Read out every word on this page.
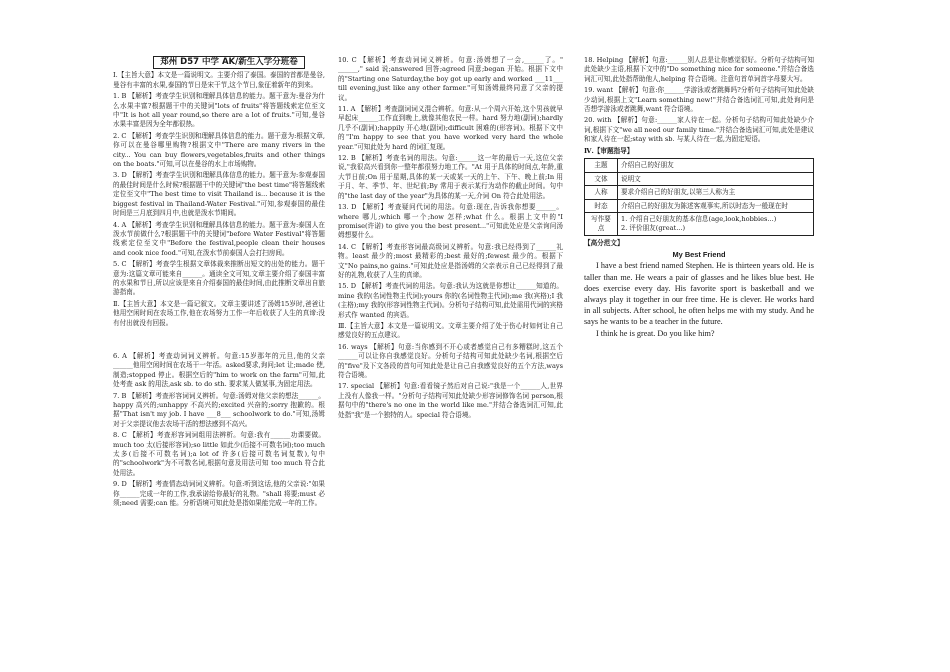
郑州 D57 中学 AK/新生入学分班卷

Ⅰ.【主旨大意】本文是一篇说明文。主要介绍了泰国。泰国的首都是曼谷,曼谷有丰富的水果,泰国的节日是宋干节,这个节日,象征着新年的到来。

1. B 【解析】考查学生识别和理解具体信息的能力。题干意为:曼谷为什么水果丰富?根据题干中的关键词"lots of fruits"将答题线索定位至文中"It is hot all year round,so there are a lot of fruits."可知,曼谷水果丰富是因为全年都很热。

2. C 【解析】考查学生识别和理解具体信息的能力。题干意为:根据文章,你可以在曼谷哪里购物?根据文中"There are many rivers in the city... You can buy flowers,vegetables,fruits and other things on the boats."可知,可以在曼谷的水上市场购物。

3. D 【解析】考查学生识别和理解具体信息的能力。题干意为:参观泰国的最佳时间是什么时候?根据题干中的关键词"the best time"将答题线索定位至文中"The best time to visit Thailand is... because it is the biggest festival in Thailand-Water Festival."可知,参观泰国的最佳时间是三月底到四月中,也就是泼水节期间。

4. A 【解析】考查学生识别和理解具体信息的能力。题干意为:泰国人在泼水节前做什么?根据题干中的关键词"before Water Festival"将答题线索定位至文中"Before the festival,people clean their houses and cook nice food."可知,在泼水节前泰国人会打扫房间。

5. C 【解析】考查学生根据文章体裁来推断出短文的出处的能力。题干意为:这篇文章可能来自______。通读全文可知,文章主要介绍了泰国丰富的水果和节日,所以应该是来自介绍泰国的最佳时间,由此推断文章出自旅游指南。

Ⅱ.【主旨大意】本文是一篇记叙文。文章主要讲述了汤姆15岁时,爸爸让他用空闲时间在农场工作,他在农场努力工作一年后收获了人生的真谛:没有付出就没有回报。

6. A 【解析】考查动词词义辨析。句意:15岁那年的元旦,他的父亲______他用空闲时间在农场干一年活。asked要求,询问;let 让;made 使,制造;stopped 停止。根据空后的"him to work on the farm"可知,此处考查 ask 的用法,ask sb. to do sth. 要求某人做某事,为固定用法。

7. B 【解析】考查形容词词义辨析。句意:汤姆对他父亲的想法______。happy 高兴的;unhappy 不高兴的;excited 兴奋的;sorry 抱歉的。根据"That isn't my job. I have ___8___ schoolwork to do."可知,汤姆对于父亲提议他去农场干活的想法感到不高兴。

8. C 【解析】考查形容词词组用法辨析。句意:我有______功课要做。much too 太(后接形容词);so little 如此少(后接不可数名词);too much 太多(后接不可数名词);a lot of 许多(后接可数名词复数),句中的"schoolwork"为不可数名词,根据句意及用法可知 too much 符合此处用法。

9. D 【解析】考查情态动词词义辨析。句意:听到这话,他的父亲说:"如果你______完成一年的工作,我承诺给你最好的礼物。"shall 将要;must 必须;need 需要;can 能。分析语境可知此处是指如果能完成一年的工作。

10. C 【解析】考查动词词义辨析。句意:汤姆想了一会,______了。" ______," said 说;answered 回答;agreed 同意;began 开始。根据下文中的"Starting one Saturday,the boy got up early and worked ___11___ till evening,just like any other farmer."可知汤姆最终同意了父亲的提议。

11. A 【解析】考查副词词义混合辨析。句意:从一个周六开始,这个男孩就早早起床______工作直到晚上,就像其他农民一样。hard 努力地(副词);hardly 几乎不(副词);happily 开心地(副词);difficult 困难的(形容词)。根据下文中的"I'm happy to see that you have worked very hard the whole year."可知此处为 hard 的词汇复现。

12. B 【解析】考查名词的用法。句意:______这一年的最后一天,这位父亲说,"我很高兴看到你一整年都很努力地工作。"At 用于具体的时间点,年龄,重大节日前;On 用于星期,具体的某一天或某一天的上午、下午、晚上前;In 用于月、年、季节、年、世纪前;By 常用于表示某行为动作的截止时间。句中的"the last day of the year"为具体的某一天,介词 On 符合此处用法。

13. D 【解析】考查疑问代词的用法。句意:现在,告诉我你想要______。where 哪儿;which 哪一个;how 怎样;what 什么。根据上文中的"I promise(许诺) to give you the best present..."可知此处应是父亲询问汤姆想要什么。

14. C 【解析】考查形容词最高级词义辨析。句意:我已经得到了______礼物。least 最少的;most 最精彩的;best 最好的;fewest 最少的。根据下文"No pains,no gains."可知此处应是指汤姆的父亲表示自己已经得到了最好的礼物,收获了人生的真谛。

15. D 【解析】考查代词的用法。句意:我认为这就是你想让______知道的。mine 我的(名词性物主代词);yours 你的(名词性物主代词);me 我(宾格);I 我(主格);my 我的(形容词性物主代词)。分析句子结构可知,此处需用代词的宾格形式作 wanted 的宾语。

Ⅲ.【主旨大意】本文是一篇说明文。文章主要介绍了处于伤心时如何让自己感觉良好的五点建议。

16. ways 【解析】句意:当你感到不开心或者感觉自己有多糟糕时,这五个______可以让你自我感觉良好。分析句子结构可知此处缺少名词,根据空后的"five"及下文各段的首句可知此处是让自己自我感觉良好的五个方法,ways 符合语境。

17. special 【解析】句意:看看镜子然后对自己说:"我是一个______人,世界上没有人像我一样。"分析句子结构可知此处缺少形容词修饰名词 person,根据句中的"there's no one in the world like me."并结合备选词汇可知,此处指"我"是一个独特的人。special 符合语境。

18. Helping 【解析】句意:______别人总是让你感觉很好。分析句子结构可知此处缺少主语,根据下文中的"Do something nice for someone."并结合备选词汇可知,此处指帮助他人,helping 符合语境。注意句首单词首字母要大写。

19. want 【解析】句意:你______学游泳或者跳舞吗?分析句子结构可知此处缺少动词,根据上文"Learn something new!"并结合备选词汇可知,此处询问是否想学游泳或者跳舞,want 符合语境。

20. with 【解析】句意:______家人待在一起。分析句子结构可知此处缺少介词,根据下文"we all need our family time."并结合备选词汇可知,此处是建议和家人待在一起;stay with sb. 与某人待在一起,为固定短语。

Ⅳ.【审题指导】
主题	介绍自己的好朋友
文体	说明文
人称	要求介绍自己的好朋友,以第三人称为主
时态	介绍自己的好朋友为陈述客观事实,所以时态为一般现在时
写作要点	1. 介绍自己好朋友的基本信息(age,look,hobbies...)
2. 评价朋友(great...)
【高分范文】
My Best Friend

I have a best friend named Stephen. He is thirteen years old. He is taller than me. He wears a pair of glasses and he likes blue best. He does exercise every day. His favorite sport is basketball and we always play it together in our free time. He is clever. He works hard in all subjects. After school, he often helps me with my study. And he says he wants to be a teacher in the future.

I think he is great. Do you like him?
